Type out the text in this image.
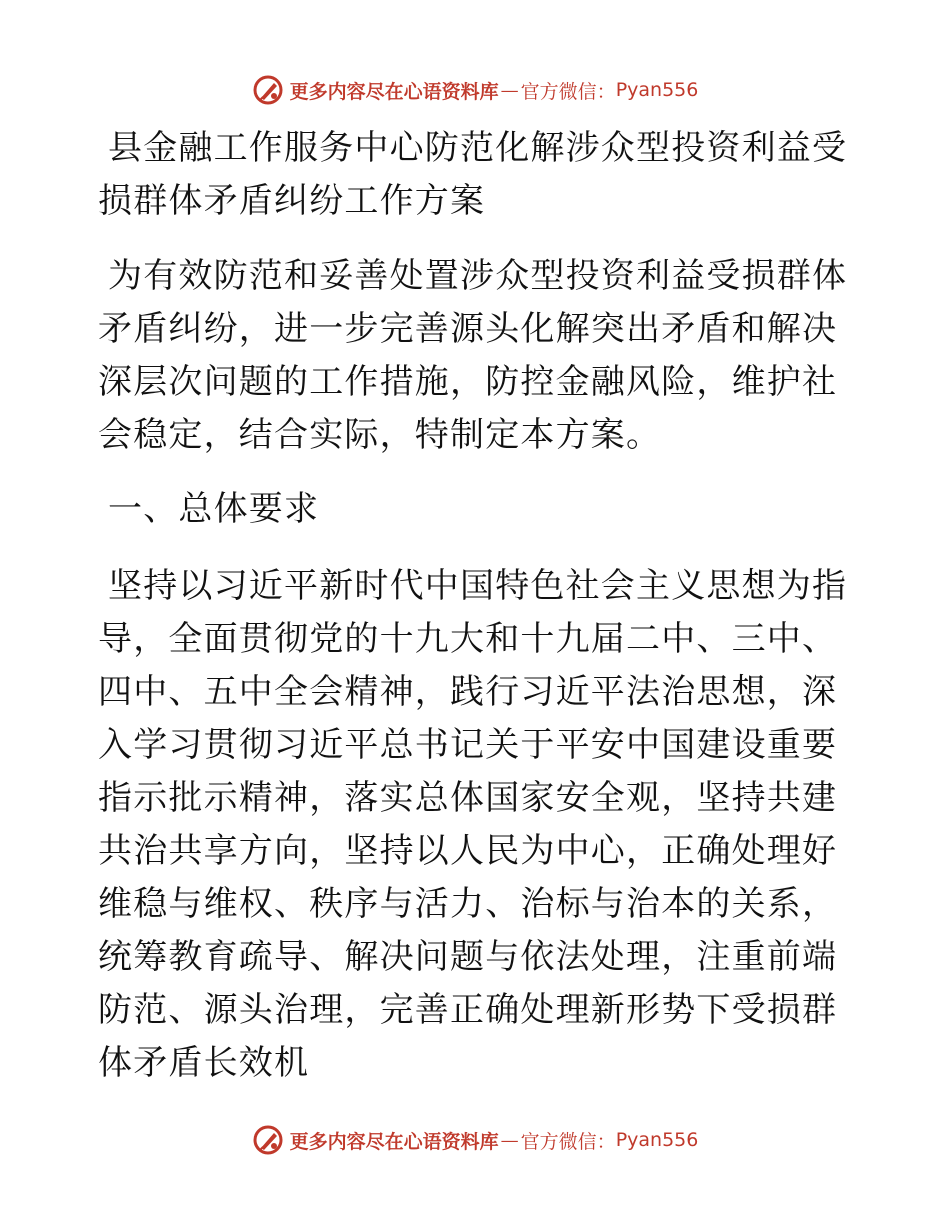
更多内容尽在心语资料库 — 官方微信： Pyan556
县金融工作服务中心防范化解涉众型投资利益受损群体矛盾纠纷工作方案

为有效防范和妥善处置涉众型投资利益受损群体矛盾纠纷，进一步完善源头化解突出矛盾和解决深层次问题的工作措施，防控金融风险，维护社会稳定，结合实际，特制定本方案。

一、总体要求

坚持以习近平新时代中国特色社会主义思想为指导，全面贯彻党的十九大和十九届二中、三中、四中、五中全会精神，践行习近平法治思想，深入学习贯彻习近平总书记关于平安中国建设重要指示批示精神，落实总体国家安全观，坚持共建共治共享方向，坚持以人民为中心，正确处理好维稳与维权、秩序与活力、治标与治本的关系，统筹教育疏导、解决问题与依法处理，注重前端防范、源头治理，完善正确处理新形势下受损群体矛盾长效机

更多内容尽在心语资料库 — 官方微信： Pyan556
